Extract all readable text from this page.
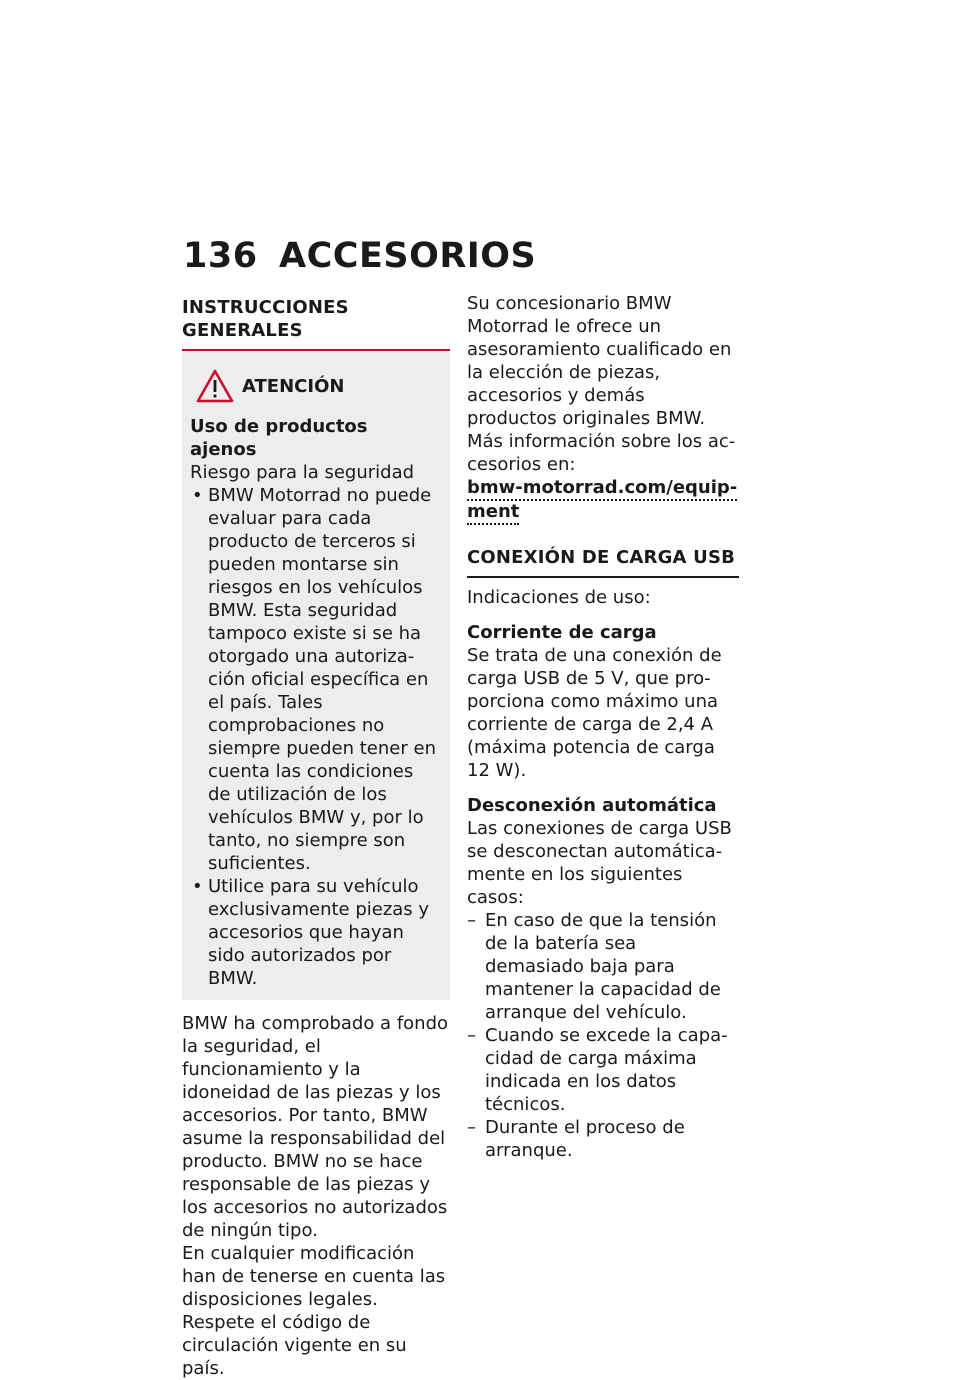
136 ACCESORIOS
INSTRUCCIONES GENERALES
ATENCIÓN

Uso de productos ajenos

Riesgo para la seguridad

• BMW Motorrad no puede evaluar para cada producto de terceros si pueden montarse sin riesgos en los vehículos BMW. Esta seguridad tampoco existe si se ha otorgado una autorización oficial específica en el país. Tales comprobaciones no siempre pueden tener en cuenta las condiciones de utilización de los vehículos BMW y, por lo tanto, no siempre son suficientes.

• Utilice para su vehículo exclusivamente piezas y accesorios que hayan sido autorizados por BMW.

BMW ha comprobado a fondo la seguridad, el funcionamiento y la idoneidad de las piezas y los accesorios. Por tanto, BMW asume la responsabilidad del producto. BMW no se hace responsable de las piezas y los accesorios no autorizados de ningún tipo.

En cualquier modificación han de tenerse en cuenta las disposiciones legales. Respete el código de circulación vigente en su país.

Su concesionario BMW Motorrad le ofrece un asesoramiento cualificado en la elección de piezas, accesorios y demás productos originales BMW.

Más información sobre los accesorios en:

bmw-motorrad.com/equipment

CONEXIÓN DE CARGA USB

Indicaciones de uso:

Corriente de carga

Se trata de una conexión de carga USB de 5 V, que proporciona como máximo una corriente de carga de 2,4 A (máxima potencia de carga 12 W).

Desconexión automática

Las conexiones de carga USB se desconectan automáticamente en los siguientes casos:

– En caso de que la tensión de la batería sea demasiado baja para mantener la capacidad de arranque del vehículo.

– Cuando se excede la capacidad de carga máxima indicada en los datos técnicos.

– Durante el proceso de arranque.
